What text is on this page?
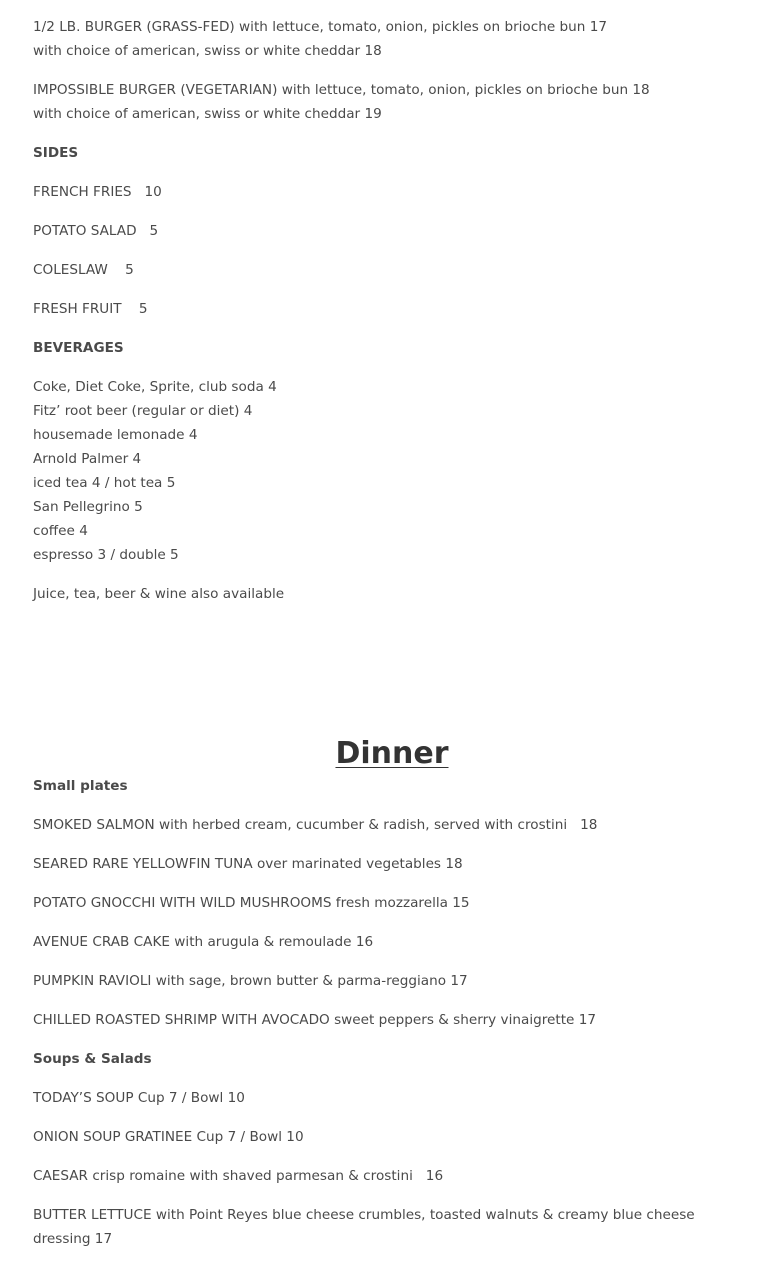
1/2 LB. BURGER (GRASS-FED) with lettuce, tomato, onion, pickles on brioche bun 17

with choice of american, swiss or white cheddar 18

IMPOSSIBLE BURGER (VEGETARIAN) with lettuce, tomato, onion, pickles on brioche bun 18

with choice of american, swiss or white cheddar 19

SIDES

FRENCH FRIES   10

POTATO SALAD   5

COLESLAW    5

FRESH FRUIT    5

BEVERAGES

Coke, Diet Coke, Sprite, club soda 4

Fitz’ root beer (regular or diet) 4

housemade lemonade 4

Arnold Palmer 4

iced tea 4 / hot tea 5

San Pellegrino 5

coffee 4

espresso 3 / double 5

Juice, tea, beer & wine also available

Dinner

Small plates

SMOKED SALMON with herbed cream, cucumber & radish, served with crostini   18

SEARED RARE YELLOWFIN TUNA over marinated vegetables 18

POTATO GNOCCHI WITH WILD MUSHROOMS fresh mozzarella 15

AVENUE CRAB CAKE with arugula & remoulade 16

PUMPKIN RAVIOLI with sage, brown butter & parma-reggiano 17

CHILLED ROASTED SHRIMP WITH AVOCADO sweet peppers & sherry vinaigrette 17

Soups & Salads

TODAY’S SOUP Cup 7 / Bowl 10

ONION SOUP GRATINEE Cup 7 / Bowl 10

CAESAR crisp romaine with shaved parmesan & crostini   16

BUTTER LETTUCE with Point Reyes blue cheese crumbles, toasted walnuts & creamy blue cheese dressing 17
